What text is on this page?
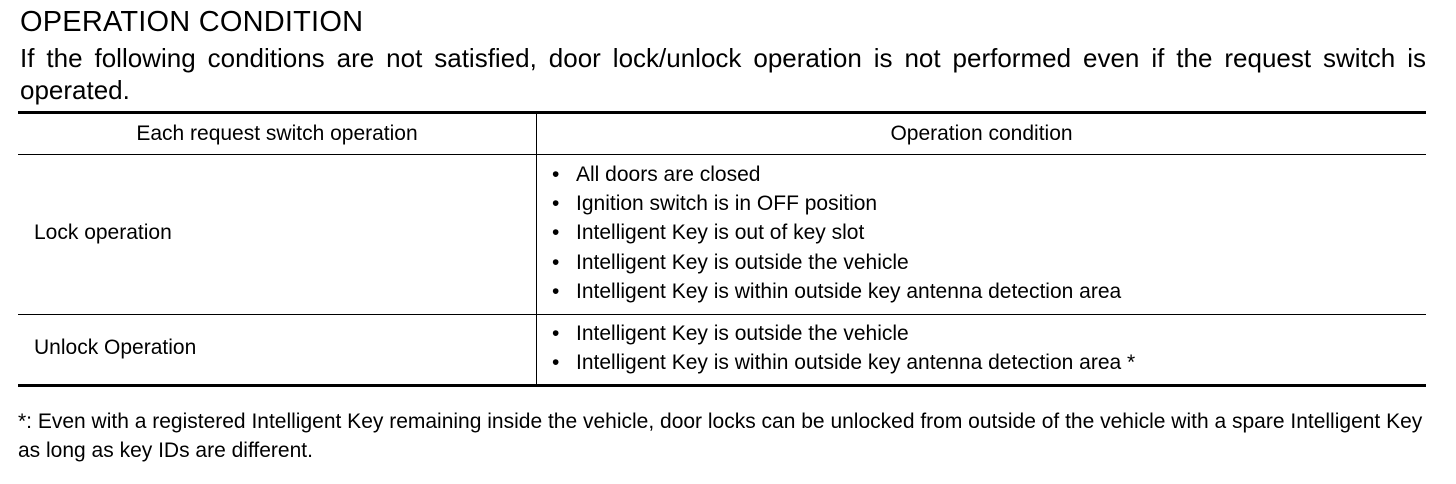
OPERATION CONDITION
If the following conditions are not satisfied, door lock/unlock operation is not performed even if the request switch is operated.
Each request switch operation	Operation condition
Lock operation
• All doors are closed
• Ignition switch is in OFF position
• Intelligent Key is out of key slot
• Intelligent Key is outside the vehicle
• Intelligent Key is within outside key antenna detection area
Unlock Operation
• Intelligent Key is outside the vehicle
• Intelligent Key is within outside key antenna detection area *
*: Even with a registered Intelligent Key remaining inside the vehicle, door locks can be unlocked from outside of the vehicle with a spare Intelligent Key as long as key IDs are different.
